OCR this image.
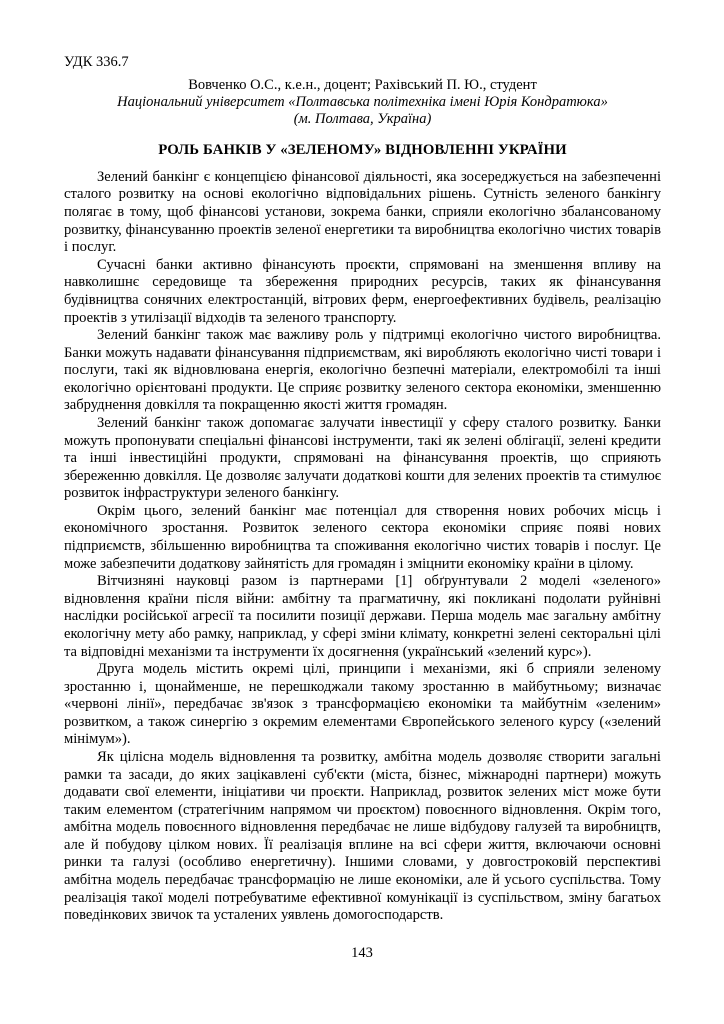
УДК 336.7
Вовченко О.С., к.е.н., доцент; Рахівський П. Ю., студент
Національний університет «Полтавська політехніка імені Юрія Кондратюка»
(м. Полтава, Україна)
РОЛЬ БАНКІВ У «ЗЕЛЕНОМУ» ВІДНОВЛЕННІ УКРАЇНИ

Зелений банкінг є концепцією фінансової діяльності, яка зосереджується на забезпеченні сталого розвитку на основі екологічно відповідальних рішень. Сутність зеленого банкінгу полягає в тому, щоб фінансові установи, зокрема банки, сприяли екологічно збалансованому розвитку, фінансуванню проектів зеленої енергетики та виробництва екологічно чистих товарів і послуг.

Сучасні банки активно фінансують проєкти, спрямовані на зменшення впливу на навколишнє середовище та збереження природних ресурсів, таких як фінансування будівництва сонячних електростанцій, вітрових ферм, енергоефективних будівель, реалізацію проектів з утилізації відходів та зеленого транспорту.

Зелений банкінг також має важливу роль у підтримці екологічно чистого виробництва. Банки можуть надавати фінансування підприємствам, які виробляють екологічно чисті товари і послуги, такі як відновлювана енергія, екологічно безпечні матеріали, електромобілі та інші екологічно орієнтовані продукти. Це сприяє розвитку зеленого сектора економіки, зменшенню забруднення довкілля та покращенню якості життя громадян.

Зелений банкінг також допомагає залучати інвестиції у сферу сталого розвитку. Банки можуть пропонувати спеціальні фінансові інструменти, такі як зелені облігації, зелені кредити та інші інвестиційні продукти, спрямовані на фінансування проектів, що сприяють збереженню довкілля. Це дозволяє залучати додаткові кошти для зелених проектів та стимулює розвиток інфраструктури зеленого банкінгу.

Окрім цього, зелений банкінг має потенціал для створення нових робочих місць і економічного зростання. Розвиток зеленого сектора економіки сприяє появі нових підприємств, збільшенню виробництва та споживання екологічно чистих товарів і послуг. Це може забезпечити додаткову зайнятість для громадян і зміцнити економіку країни в цілому.

Вітчизняні науковці разом із партнерами [1] обґрунтували 2 моделі «зеленого» відновлення країни після війни: амбітну та прагматичну, які покликані подолати руйнівні наслідки російської агресії та посилити позиції держави. Перша модель має загальну амбітну екологічну мету або рамку, наприклад, у сфері зміни клімату, конкретні зелені секторальні цілі та відповідні механізми та інструменти їх досягнення (український «зелений курс»).

Друга модель містить окремі цілі, принципи і механізми, які б сприяли зеленому зростанню і, щонайменше, не перешкоджали такому зростанню в майбутньому; визначає «червоні лінії», передбачає зв'язок з трансформацією економіки та майбутнім «зеленим» розвитком, а також синергію з окремим елементами Європейського зеленого курсу («зелений мінімум»).

Як цілісна модель відновлення та розвитку, амбітна модель дозволяє створити загальні рамки та засади, до яких зацікавлені суб'єкти (міста, бізнес, міжнародні партнери) можуть додавати свої елементи, ініціативи чи проєкти. Наприклад, розвиток зелених міст може бути таким елементом (стратегічним напрямом чи проєктом) повоєнного відновлення. Окрім того, амбітна модель повоєнного відновлення передбачає не лише відбудову галузей та виробництв, але й побудову цілком нових. Її реалізація вплине на всі сфери життя, включаючи основні ринки та галузі (особливо енергетичну). Іншими словами, у довгостроковій перспективі амбітна модель передбачає трансформацію не лише економіки, але й усього суспільства. Тому реалізація такої моделі потребуватиме ефективної комунікації із суспільством, зміну багатьох поведінкових звичок та усталених уявлень домогосподарств.

143
